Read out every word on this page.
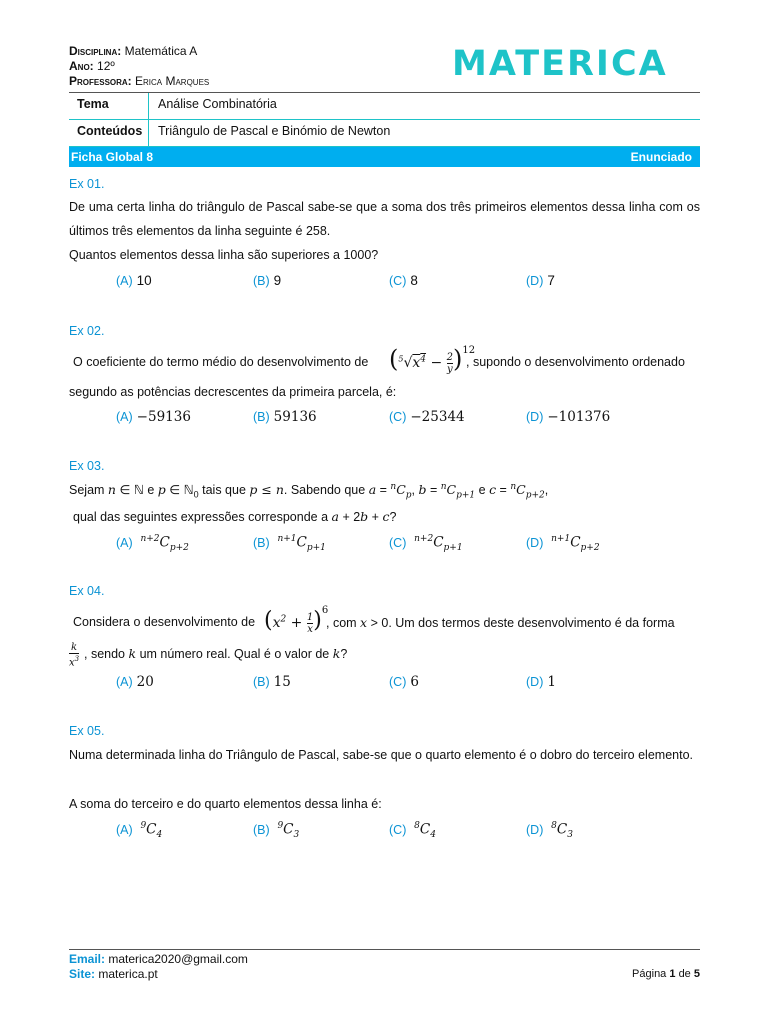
Disciplina: Matemática A
Ano: 12º
Professora: Erica Marques	MATERICA
Tema	Análise Combinatória
Conteúdos Triângulo de Pascal e Binómio de Newton
Ficha Global 8	Enunciado
Ex 01.
De uma certa linha do triângulo de Pascal sabe-se que a soma dos três primeiros elementos dessa linha com os últimos três elementos da linha seguinte é 258.
Quantos elementos dessa linha são superiores a 1000?
(A) 10	(B) 9	(C) 8	(D) 7
Ex 02.
O coeficiente do termo médio do desenvolvimento de $(^5√x^4 - \frac{2}{y} )^{12}$
, supondo o desenvolvimento ordenado
segundo as potências decrescentes da primeira parcela, é:
(A) −59136	(B) 59136	(C) −25344	(D) −101376
Ex 03.
Sejam n ∈ ℕ e p ∈ ℕ$_0$ tais que p ≤ n. Sabendo que $a = ^nC_p$, $b = ^nC_{p+1}$ e $c = ^nC_{p+2}$,
qual das seguintes expressões corresponde a a + 2b + c?
(A) $^{n+2}C_{p+2}$	(B) $^{n+1}C_{p+1}$	(C) $^{n+2}C_{p+1}$	(D) $^{n+1}C_{p+2}$
Ex 04.
Considera o desenvolvimento de $(x^2 + \frac{1}{x} )^6$
, com x > 0. Um dos termos deste desenvolvimento é da forma
k
$x^3$ , sendo k um número real. Qual é o valor de k?
(A) 20	(B) 15	(C) 6	(D) 1
Ex 05.
Numa determinada linha do Triângulo de Pascal, sabe-se que o quarto elemento é o dobro do terceiro elemento.
A soma do terceiro e do quarto elementos dessa linha é:
(A) $^9C_4$	(B) $^9C_3$	(C) $^8C_4$	(D) $^8C_3$
Email: materica2020@gmail.com
Site: materica.pt	Página 1 de 5
